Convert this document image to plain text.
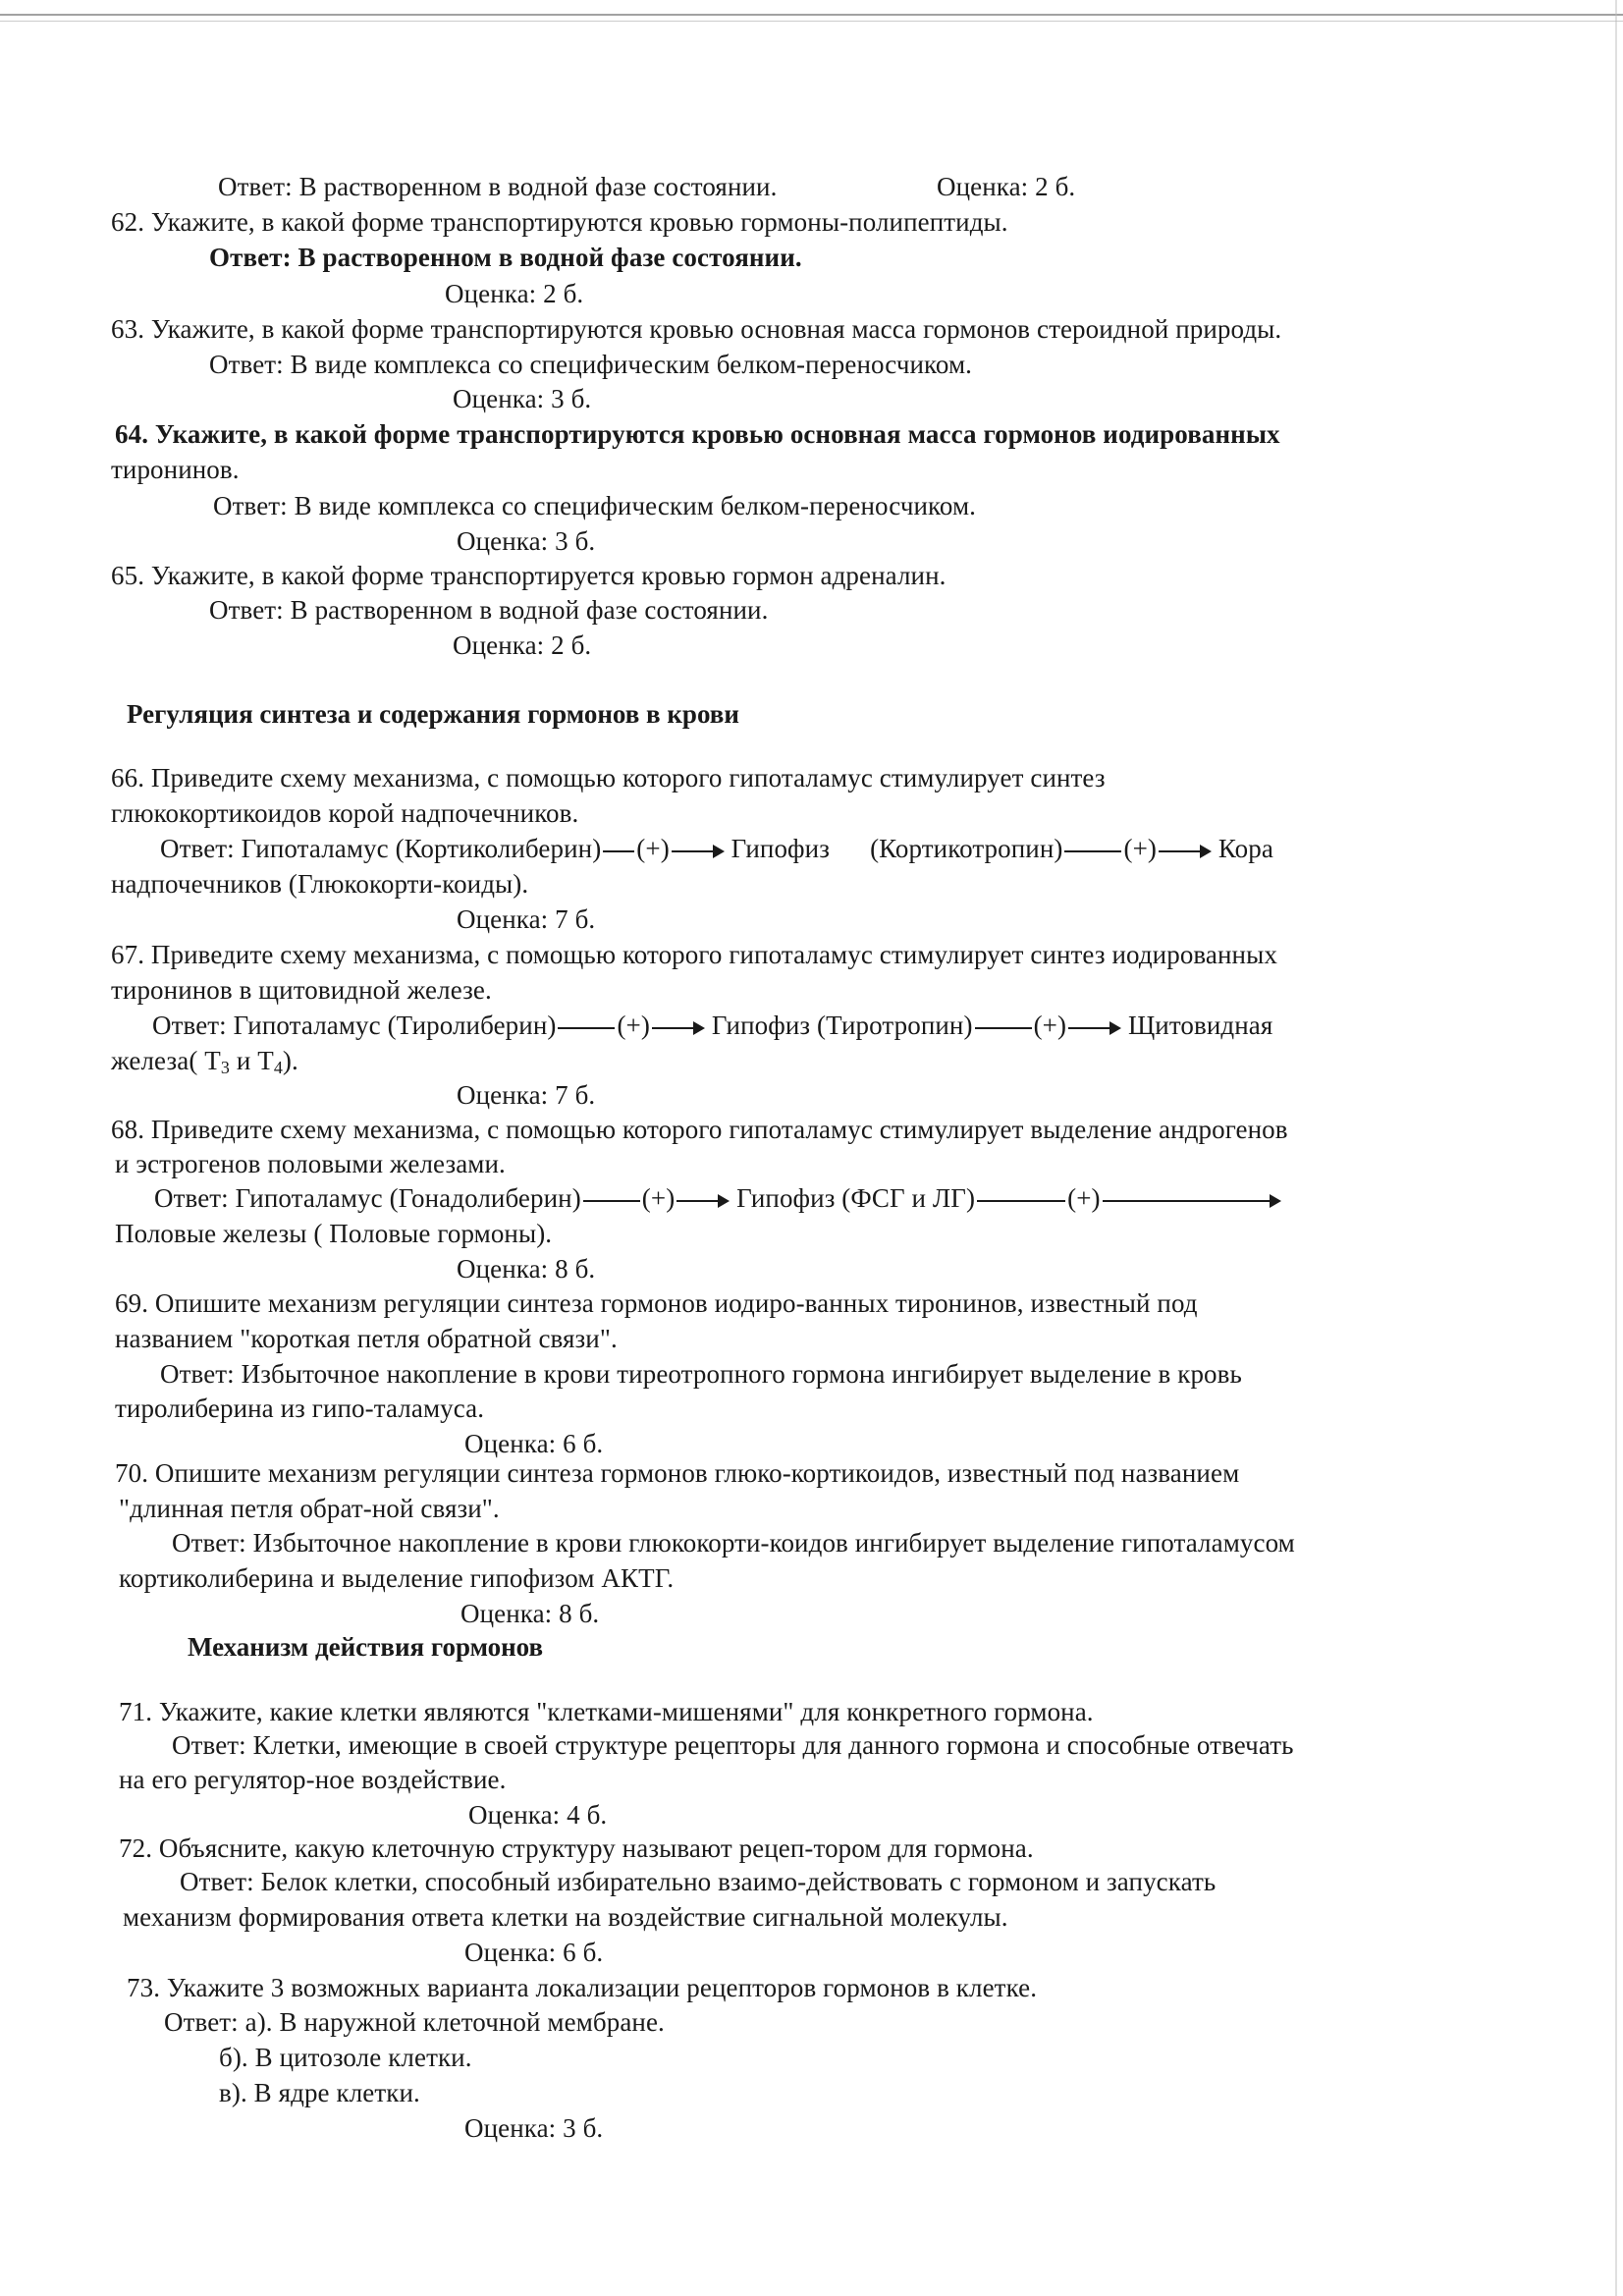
Ответ: В растворенном в водной фазе состоянии.	Оценка: 2 б.
62. Укажите, в какой форме транспортируются кровью гормоны-полипептиды.
Ответ: В растворенном в водной фазе состоянии.
Оценка: 2 б.
63. Укажите, в какой форме транспортируются кровью основная масса гормонов стероидной природы.
Ответ: В виде комплекса со специфическим белком-переносчиком.
Оценка: 3 б.
64. Укажите, в какой форме транспортируются кровью основная масса гормонов иодированных
тиронинов.
Ответ: В виде комплекса со специфическим белком-переносчиком.
Оценка: 3 б.
65. Укажите, в какой форме транспортируется кровью гормон адреналин.
Ответ: В растворенном в водной фазе состоянии.
Оценка: 2 б.
Регуляция синтеза и содержания гормонов в крови
66. Приведите схему механизма, с помощью которого гипоталамус стимулирует синтез
глюкокортикоидов корой надпочечников.
Ответ: Гипоталамус (Кортиколиберин) (+) Гипофиз (Кортикотропин) (+) Кора
надпочечников (Глюкокорти-коиды).
Оценка: 7 б.
67. Приведите схему механизма, с помощью которого гипоталамус стимулирует синтез иодированных
тиронинов в щитовидной железе.
Ответ: Гипоталамус (Тиролиберин) (+) Гипофиз (Тиротропин) (+) Щитовидная
железа( $Т_3$ и $Т_4$).
Оценка: 7 б.
68. Приведите схему механизма, с помощью которого гипоталамус стимулирует выделение андрогенов
и эстрогенов половыми железами.
Ответ: Гипоталамус (Гонадолиберин) (+) Гипофиз (ФСГ и ЛГ)	(+)
Половые железы ( Половые гормоны).
Оценка: 8 б.
69. Опишите механизм регуляции синтеза гормонов иодиро-ванных тиронинов, известный под
названием "короткая петля обратной связи".
Ответ: Избыточное накопление в крови тиреотропного гормона ингибирует выделение в кровь
тиролиберина из гипо-таламуса.
Оценка: 6 б.
70. Опишите механизм регуляции синтеза гормонов глюко-кортикоидов, известный под названием
"длинная петля обрат-ной связи".
Ответ: Избыточное накопление в крови глюкокорти-коидов ингибирует выделение гипоталамусом
кортиколиберина и выделение гипофизом АКТГ.
Оценка: 8 б.
Механизм действия гормонов
71. Укажите, какие клетки являются "клетками-мишенями" для конкретного гормона.
Ответ: Клетки, имеющие в своей структуре рецепторы для данного гормона и способные отвечать
на его регулятор-ное воздействие.
Оценка: 4 б.
72. Объясните, какую клеточную структуру называют рецеп-тором для гормона.
Ответ: Белок клетки, способный избирательно взаимо-действовать с гормоном и запускать
механизм формирования ответа клетки на воздействие сигнальной молекулы.
Оценка: 6 б.
73. Укажите 3 возможных варианта локализации рецепторов гормонов в клетке.
Ответ: а). В наружной клеточной мембране.
б). В цитозоле клетки.
в). В ядре клетки.
Оценка: 3 б.
